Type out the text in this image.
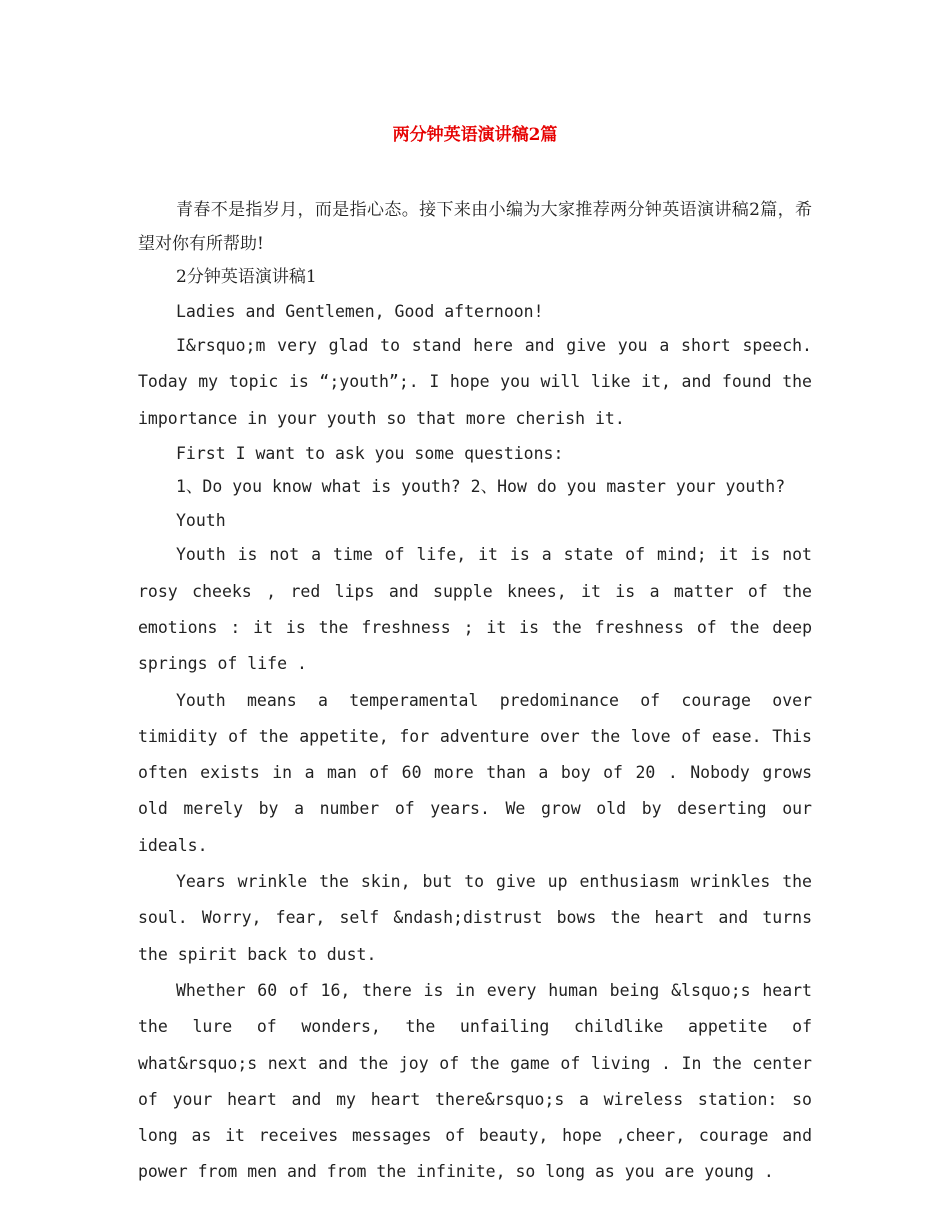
两分钟英语演讲稿2篇

青春不是指岁月，而是指心态。接下来由小编为大家推荐两分钟英语演讲稿2篇，希望对你有所帮助!

2分钟英语演讲稿1

Ladies and Gentlemen, Good afternoon!

I&rsquo;m very glad to stand here and give you a short speech. Today my topic is “;youth”;. I hope you will like it, and found the importance in your youth so that more cherish it.

First I want to ask you some questions:

1、Do you know what is youth? 2、How do you master your youth?

Youth

Youth is not a time of life, it is a state of mind; it is not rosy cheeks , red lips and supple knees, it is a matter of the emotions : it is the freshness ; it is the freshness of the deep springs of life .

Youth means a temperamental predominance of courage over timidity of the appetite, for adventure over the love of ease. This often exists in a man of 60 more than a boy of 20 . Nobody grows old merely by a number of years. We grow old by deserting our ideals.

Years wrinkle the skin, but to give up enthusiasm wrinkles the soul. Worry, fear, self &ndash;distrust bows the heart and turns the spirit back to dust.

Whether 60 of 16, there is in every human being &lsquo;s heart the lure of wonders, the unfailing childlike appetite of what&rsquo;s next and the joy of the game of living . In the center of your heart and my heart there&rsquo;s a wireless station: so long as it receives messages of beauty, hope ,cheer, courage and power from men and from the infinite, so long as you are young .
